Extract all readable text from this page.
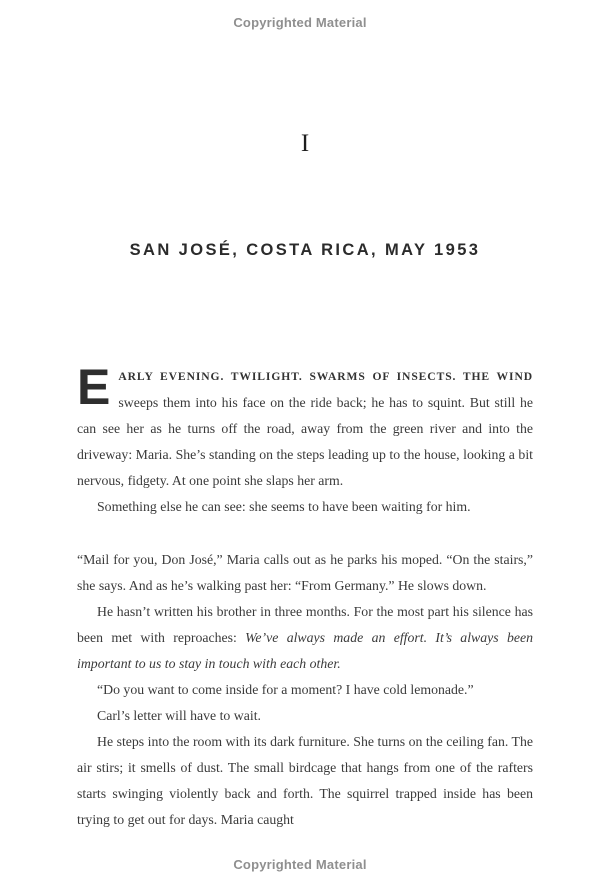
Copyrighted Material
I
SAN JOSÉ, COSTA RICA, MAY 1953

EARLY EVENING. TWILIGHT. SWARMS OF INSECTS. THE WIND sweeps them into his face on the ride back; he has to squint. But still he can see her as he turns off the road, away from the green river and into the driveway: Maria. She’s standing on the steps leading up to the house, looking a bit nervous, fidgety. At one point she slaps her arm.

Something else he can see: she seems to have been waiting for him.

“Mail for you, Don José,” Maria calls out as he parks his moped. “On the stairs,” she says. And as he’s walking past her: “From Germany.” He slows down.

He hasn’t written his brother in three months. For the most part his silence has been met with reproaches: We’ve always made an effort. It’s always been important to us to stay in touch with each other.

“Do you want to come inside for a moment? I have cold lemonade.”

Carl’s letter will have to wait.

He steps into the room with its dark furniture. She turns on the ceiling fan. The air stirs; it smells of dust. The small birdcage that hangs from one of the rafters starts swinging violently back and forth. The squirrel trapped inside has been trying to get out for days. Maria caught

Copyrighted Material
